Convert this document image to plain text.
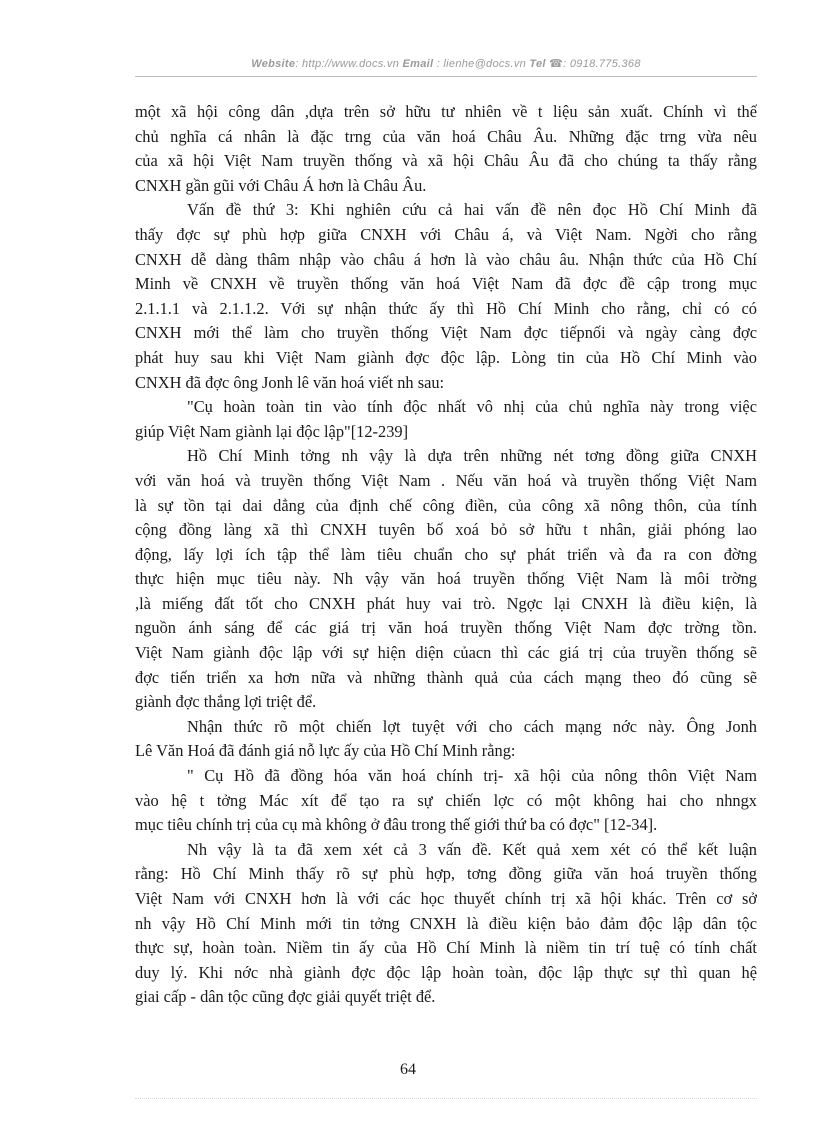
Website: http://www.docs.vn Email : lienhe@docs.vn Tel ☎: 0918.775.368
một xã hội công dân ,dựa trên sở hữu tư nhiên về t liệu sản xuất. Chính vì thế
chủ nghĩa cá nhân là đặc trng của văn hoá Châu Âu. Những đặc trng vừa nêu
của xã hội Việt Nam truyền thống và xã hội Châu Âu đã cho chúng ta thấy rằng
CNXH gần gũi với Châu Á hơn là Châu Âu.
Vấn đề thứ 3: Khi nghiên cứu cả hai vấn đề nên đọc Hồ Chí Minh đã
thấy đợc sự phù hợp giữa CNXH với Châu á, và Việt Nam. Ngời cho rằng
CNXH dễ dàng thâm nhập vào châu á hơn là vào châu âu. Nhận thức của Hồ Chí
Minh về CNXH về truyền thống văn hoá Việt Nam đã đợc đề cập trong mục
2.1.1.1 và 2.1.1.2. Với sự nhận thức ấy thì Hồ Chí Minh cho rằng, chỉ có có
CNXH mới thể làm cho truyền thống Việt Nam đợc tiếpnối và ngày càng đợc
phát huy sau khi Việt Nam giành đợc độc lập. Lòng tin của Hồ Chí Minh vào
CNXH đã đợc ông Jonh lê văn hoá viết nh sau:
"Cụ hoàn toàn tin vào tính độc nhất vô nhị của chủ nghĩa này trong việc
giúp Việt Nam giành lại độc lập"[12-239]
Hồ Chí Minh tởng nh vậy là dựa trên những nét tơng đồng giữa CNXH
với văn hoá và truyền thống Việt Nam . Nếu văn hoá và truyền thống Việt Nam
là sự tồn tại dai dẳng của định chế công điền, của công xã nông thôn, của tính
cộng đồng làng xã thì CNXH tuyên bố xoá bỏ sở hữu t nhân, giải phóng lao
động, lấy lợi ích tập thể làm tiêu chuẩn cho sự phát triển và đa ra con đờng
thực hiện mục tiêu này. Nh vậy văn hoá truyền thống Việt Nam là môi trờng
,là miếng đất tốt cho CNXH phát huy vai trò. Ngợc lại CNXH là điều kiện, là
nguồn ánh sáng để các giá trị văn hoá truyền thống Việt Nam đợc trờng tồn.
Việt Nam giành độc lập với sự hiện diện củacn thì các giá trị của truyền thống sẽ
đợc tiến triển xa hơn nữa và những thành quả của cách mạng theo đó cũng sẽ
giành đợc thắng lợi triệt để.
Nhận thức rõ một chiến lợt tuyệt với cho cách mạng nớc này. Ông Jonh
Lê Văn Hoá đã đánh giá nỗ lực ấy của Hồ Chí Minh rằng:
" Cụ Hồ đã đồng hóa văn hoá chính trị- xã hội của nông thôn Việt Nam
vào hệ t tởng Mác xít để tạo ra sự chiến lợc có một không hai cho nhngx
mục tiêu chính trị của cụ mà không ở đâu trong thế giới thứ ba có đợc" [12-34].
Nh vậy là ta đã xem xét cả 3 vấn đề. Kết quả xem xét có thể kết luận
rằng: Hồ Chí Minh thấy rõ sự phù hợp, tơng đồng giữa văn hoá truyền thống
Việt Nam với CNXH hơn là với các học thuyết chính trị xã hội khác. Trên cơ sở
nh vậy Hồ Chí Minh mới tin tởng CNXH là điều kiện bảo đảm độc lập dân tộc
thực sự, hoàn toàn. Niềm tin ấy của Hồ Chí Minh là niềm tin trí tuệ có tính chất
duy lý. Khi nớc nhà giành đợc độc lập hoàn toàn, độc lập thực sự thì quan hệ
giai cấp - dân tộc cũng đợc giải quyết triệt để.
64
